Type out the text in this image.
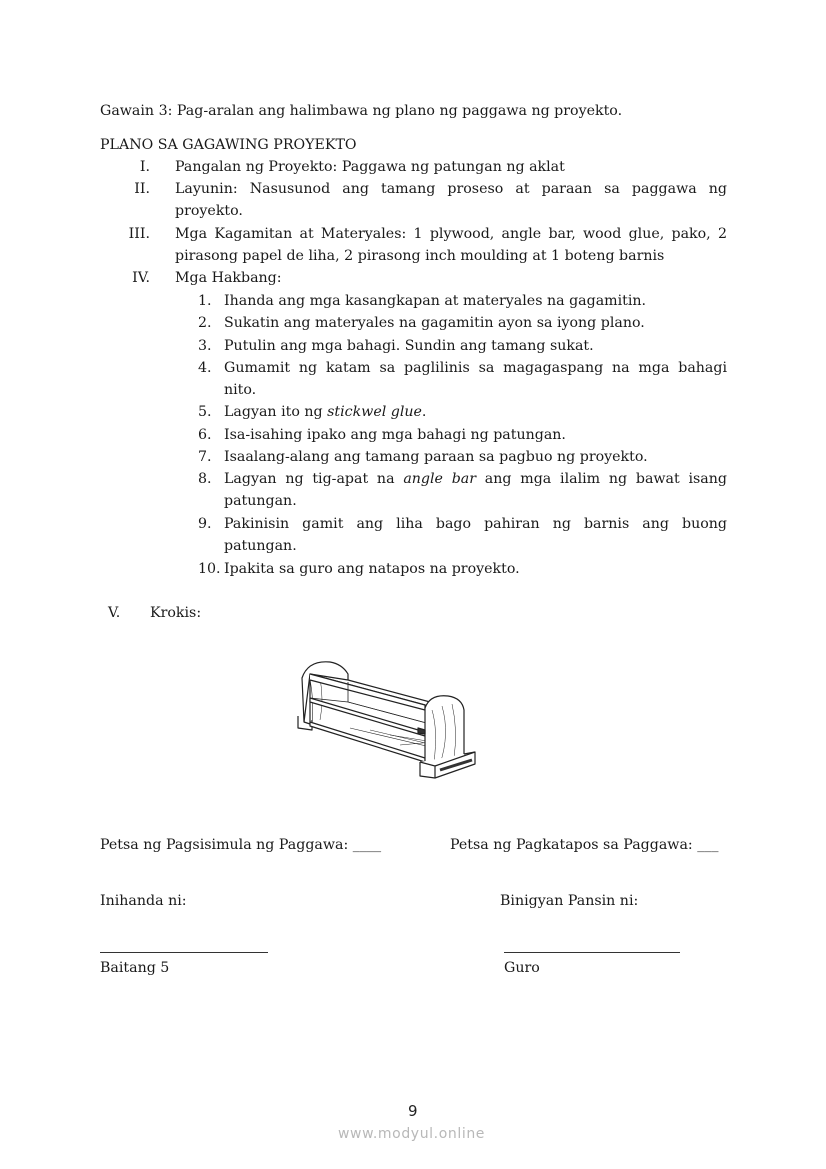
Gawain 3: Pag-aralan ang halimbawa ng plano ng paggawa ng proyekto.
PLANO SA GAGAWING PROYEKTO
I. Pangalan ng Proyekto: Paggawa ng patungan ng aklat
II. Layunin: Nasusunod ang tamang proseso at paraan sa paggawa ng
proyekto.
III. Mga Kagamitan at Materyales: 1 plywood, angle bar, wood glue, pako, 2
pirasong papel de liha, 2 pirasong inch moulding at 1 boteng barnis
IV. Mga Hakbang:
1. Ihanda ang mga kasangkapan at materyales na gagamitin.
2. Sukatin ang materyales na gagamitin ayon sa iyong plano.
3. Putulin ang mga bahagi. Sundin ang tamang sukat.
4. Gumamit ng katam sa paglilinis sa magagaspang na mga bahagi
nito.
5. Lagyan ito ng stickwel glue.
6. Isa-isahing ipako ang mga bahagi ng patungan.
7. Isaalang-alang ang tamang paraan sa pagbuo ng proyekto.
8. Lagyan ng tig-apat na angle bar ang mga ilalim ng bawat isang
patungan.
9. Pakinisin gamit ang liha bago pahiran ng barnis ang buong
patungan.
10. Ipakita sa guro ang natapos na proyekto.
V. Krokis:
Petsa ng Pagsisimula ng Paggawa: ____	Petsa ng Pagkatapos sa Paggawa: ___
Inihanda ni:	Binigyan Pansin ni:
Baitang 5	Guro
9
www.modyul.online
